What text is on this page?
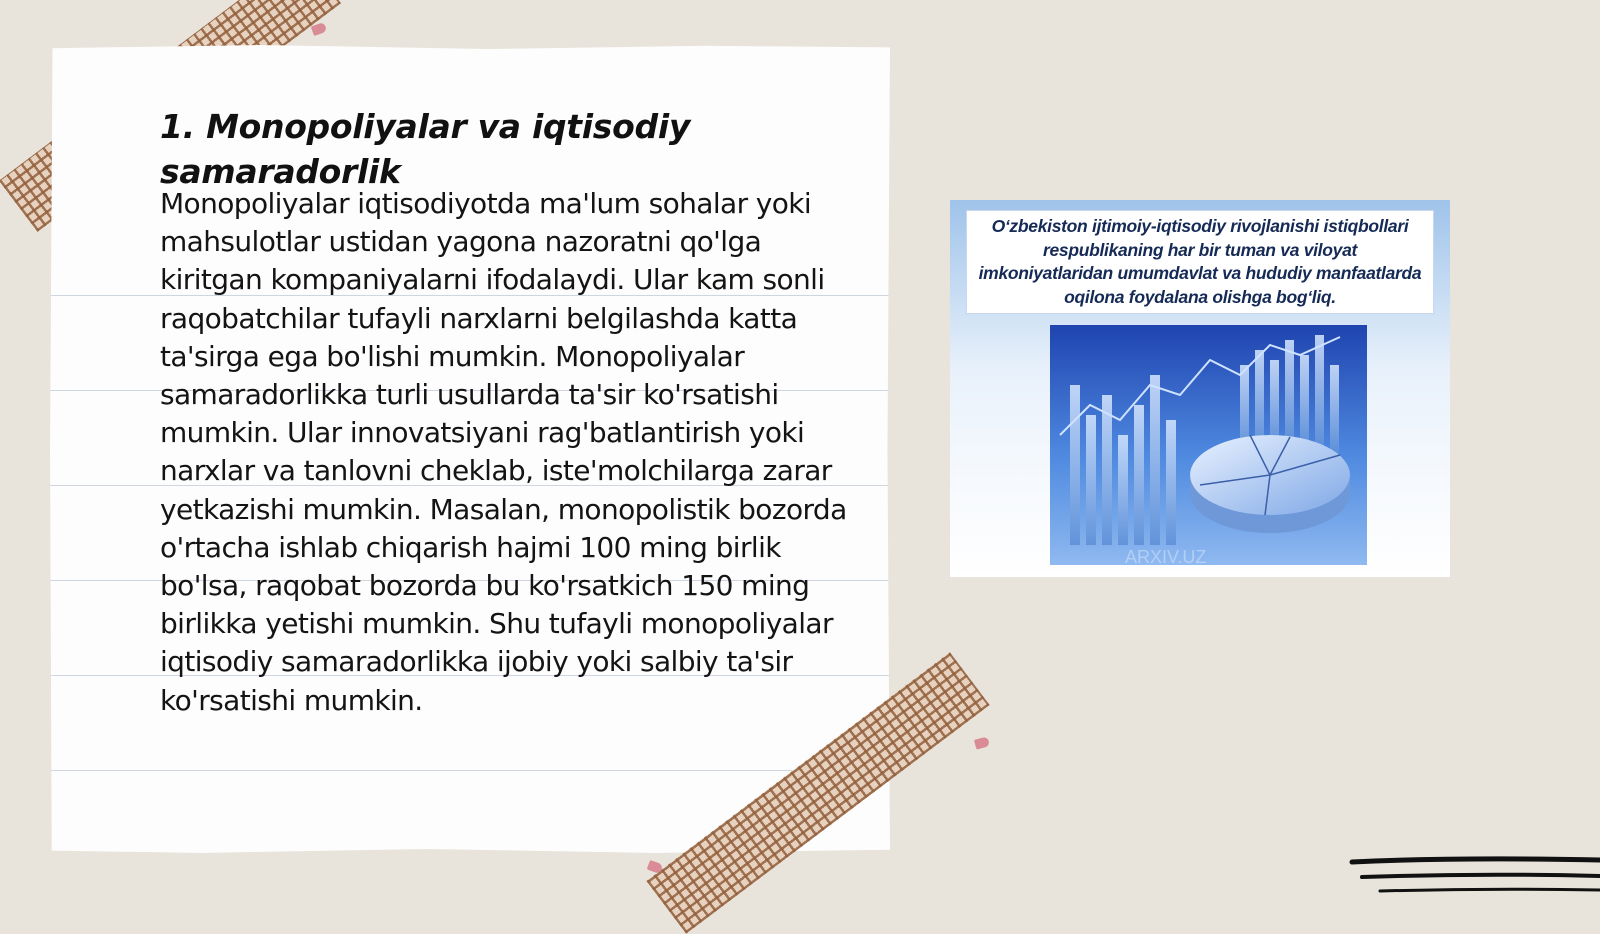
1. Monopoliyalar va iqtisodiy samaradorlik

Monopoliyalar iqtisodiyotda ma'lum sohalar yoki mahsulotlar ustidan yagona nazoratni qo'lga kiritgan kompaniyalarni ifodalaydi. Ular kam sonli raqobatchilar tufayli narxlarni belgilashda katta ta'sirga ega bo'lishi mumkin. Monopoliyalar samaradorlikka turli usullarda ta'sir ko'rsatishi mumkin. Ular innovatsiyani rag'batlantirish yoki narxlar va tanlovni cheklab, iste'molchilarga zarar yetkazishi mumkin. Masalan, monopolistik bozorda o'rtacha ishlab chiqarish hajmi 100 ming birlik bo'lsa, raqobat bozorda bu ko'rsatkich 150 ming birlikka yetishi mumkin. Shu tufayli monopoliyalar iqtisodiy samaradorlikka ijobiy yoki salbiy ta'sir ko'rsatishi mumkin.

O‘zbekiston ijtimoiy-iqtisodiy rivojlanishi istiqbollari respublikaning har bir tuman va viloyat imkoniyatlaridan umumdavlat va hududiy manfaatlarda oqilona foydalana olishga bog‘liq.

ARXIV.UZ
